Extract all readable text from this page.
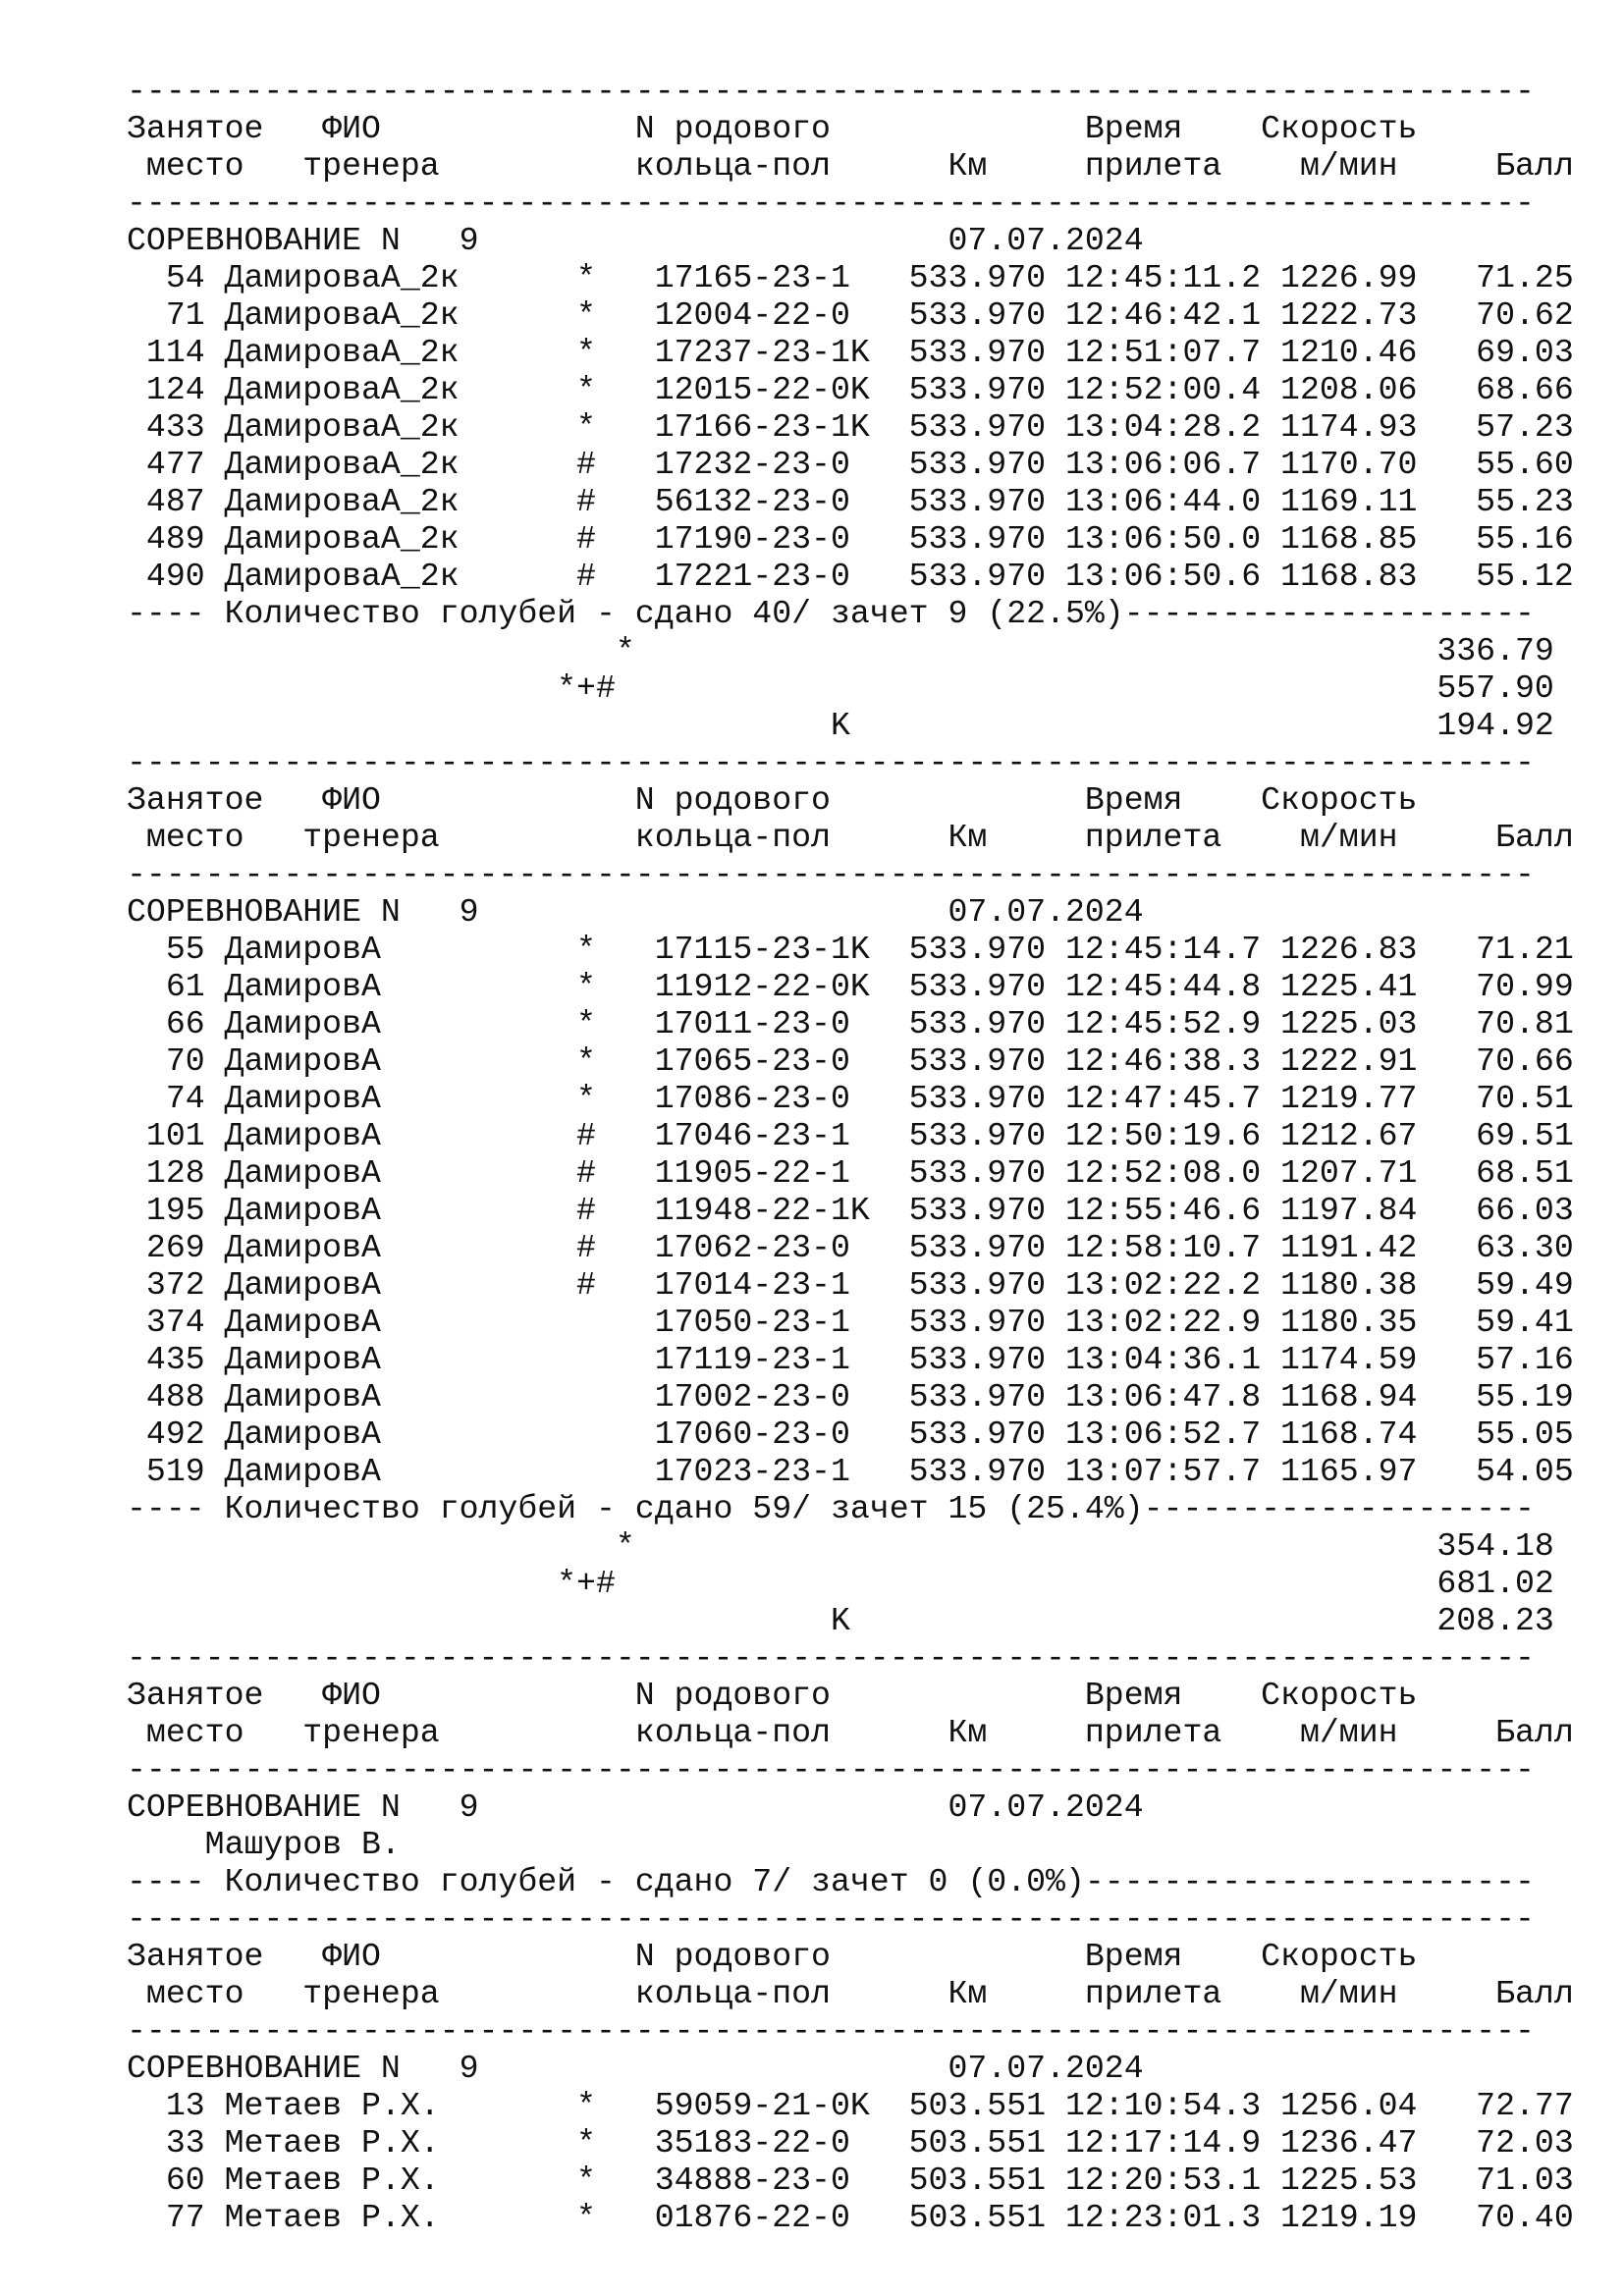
------------------------------------------------------------------------
Занятое   ФИО             N родового             Время    Скорость
место   тренера          кольца-пол      Км     прилета    м/мин     Балл
------------------------------------------------------------------------
СОРЕВНОВАНИЕ N   9                        07.07.2024
54 ДамироваА_2к      *   17165-23-1   533.970 12:45:11.2 1226.99   71.25
71 ДамироваА_2к      *   12004-22-0   533.970 12:46:42.1 1222.73   70.62
114 ДамироваА_2к      *   17237-23-1K  533.970 12:51:07.7 1210.46   69.03
124 ДамироваА_2к      *   12015-22-0K  533.970 12:52:00.4 1208.06   68.66
433 ДамироваА_2к      *   17166-23-1K  533.970 13:04:28.2 1174.93   57.23
477 ДамироваА_2к      #   17232-23-0   533.970 13:06:06.7 1170.70   55.60
487 ДамироваА_2к      #   56132-23-0   533.970 13:06:44.0 1169.11   55.23
489 ДамироваА_2к      #   17190-23-0   533.970 13:06:50.0 1168.85   55.16
490 ДамироваА_2к      #   17221-23-0   533.970 13:06:50.6 1168.83   55.12
---- Количество голубей - сдано 40/ зачет 9 (22.5%)---------------------
*                                         336.79
*+#                                          557.90
K                              194.92
------------------------------------------------------------------------
Занятое   ФИО             N родового             Время    Скорость
место   тренера          кольца-пол      Км     прилета    м/мин     Балл
------------------------------------------------------------------------
СОРЕВНОВАНИЕ N   9                        07.07.2024
55 ДамировА          *   17115-23-1K  533.970 12:45:14.7 1226.83   71.21
61 ДамировА          *   11912-22-0K  533.970 12:45:44.8 1225.41   70.99
66 ДамировА          *   17011-23-0   533.970 12:45:52.9 1225.03   70.81
70 ДамировА          *   17065-23-0   533.970 12:46:38.3 1222.91   70.66
74 ДамировА          *   17086-23-0   533.970 12:47:45.7 1219.77   70.51
101 ДамировА          #   17046-23-1   533.970 12:50:19.6 1212.67   69.51
128 ДамировА          #   11905-22-1   533.970 12:52:08.0 1207.71   68.51
195 ДамировА          #   11948-22-1K  533.970 12:55:46.6 1197.84   66.03
269 ДамировА          #   17062-23-0   533.970 12:58:10.7 1191.42   63.30
372 ДамировА          #   17014-23-1   533.970 13:02:22.2 1180.38   59.49
374 ДамировА              17050-23-1   533.970 13:02:22.9 1180.35   59.41
435 ДамировА              17119-23-1   533.970 13:04:36.1 1174.59   57.16
488 ДамировА              17002-23-0   533.970 13:06:47.8 1168.94   55.19
492 ДамировА              17060-23-0   533.970 13:06:52.7 1168.74   55.05
519 ДамировА              17023-23-1   533.970 13:07:57.7 1165.97   54.05
---- Количество голубей - сдано 59/ зачет 15 (25.4%)--------------------
*                                         354.18
*+#                                          681.02
K                              208.23
------------------------------------------------------------------------
Занятое   ФИО             N родового             Время    Скорость
место   тренера          кольца-пол      Км     прилета    м/мин     Балл
------------------------------------------------------------------------
СОРЕВНОВАНИЕ N   9                        07.07.2024
Машуров В.
---- Количество голубей - сдано 7/ зачет 0 (0.0%)-----------------------
------------------------------------------------------------------------
Занятое   ФИО             N родового             Время    Скорость
место   тренера          кольца-пол      Км     прилета    м/мин     Балл
------------------------------------------------------------------------
СОРЕВНОВАНИЕ N   9                        07.07.2024
13 Метаев Р.Х.       *   59059-21-0K  503.551 12:10:54.3 1256.04   72.77
33 Метаев Р.Х.       *   35183-22-0   503.551 12:17:14.9 1236.47   72.03
60 Метаев Р.Х.       *   34888-23-0   503.551 12:20:53.1 1225.53   71.03
77 Метаев Р.Х.       *   01876-22-0   503.551 12:23:01.3 1219.19   70.40
